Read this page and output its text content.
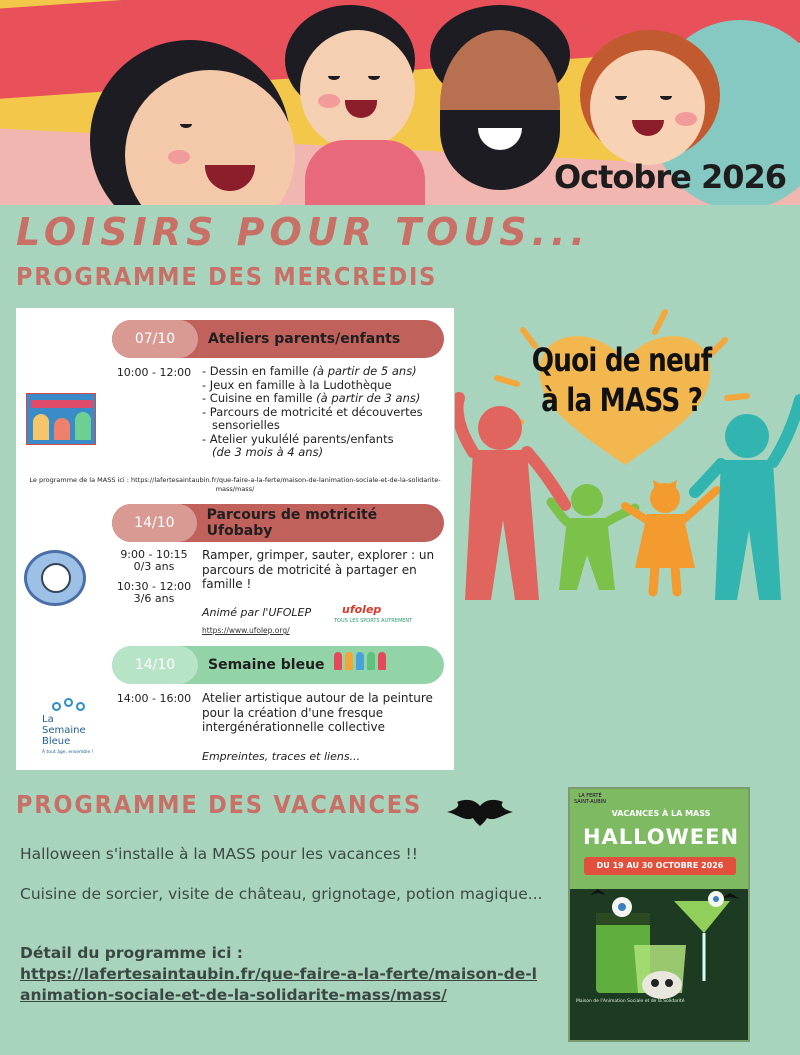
Octobre 2026
LOISIRS POUR TOUS...
PROGRAMME DES MERCREDIS
07/10	Ateliers parents/enfants
10:00 - 12:00 - Dessin en famille (à partir de 5 ans)
- Jeux en famille à la Ludothèque
- Cuisine en famille (à partir de 3 ans)
- Parcours de motricité et découvertes
sensorielles
- Atelier yukulélé parents/enfants
(de 3 mois à 4 ans)
Le programme de la MASS ici : https://lafertesaintaubin.fr/que-faire-a-la-ferte/maison-de-lanimation-sociale-et-de-la-solidarite-mass/mass/
14/10	Parcours de motricité Ufobaby
9:00 - 10:15
0/3 ans
10:30 - 12:00
3/6 ans
Ramper, grimper, sauter, explorer : un parcours de motricité à partager en famille !
Animé par l'UFOLEP	ufolep
TOUS LES SPORTS AUTREMENT
https://www.ufolep.org/
14/10	Semaine bleue
14:00 - 16:00 Atelier artistique autour de la peinture pour la création d'une fresque intergénérationnelle collective
Empreintes, traces et liens...
La Semaine Bleue
À tout âge, ensemble !
Quoi de neuf
à la MASS ?
PROGRAMME DES VACANCES
Halloween s'installe à la MASS pour les vacances !!
Cuisine de sorcier, visite de château, grignotage, potion magique...
Détail du programme ici :
https://lafertesaintaubin.fr/que-faire-a-la-ferte/maison-de-lanimation-sociale-et-de-la-solidarite-mass/mass/
LA FERTÉ SAINT-AUBIN
VACANCES À LA MASS
HALLOWEEN
DU 19 AU 30 OCTOBRE 2026
Maison de l'Animation Sociale et de la Solidarité
